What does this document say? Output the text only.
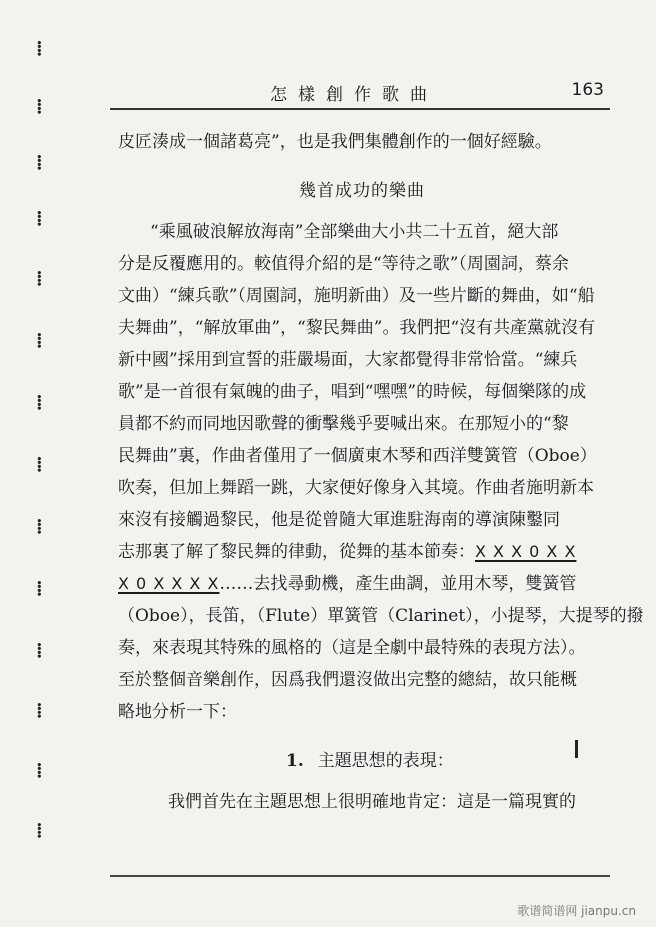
⁞
⁞
⁞
⁞
⁞
⁞
⁞
⁞
⁞
⁞
⁞
⁞
⁞
⁞
怎樣創作歌曲	163
皮匠湊成一個諸葛亮”，也是我們集體創作的一個好經驗。
幾首成功的樂曲
“乘風破浪解放海南”全部樂曲大小共二十五首，絕大部
分是反覆應用的。較值得介紹的是“等待之歌”（周園詞，蔡余
文曲）“練兵歌”（周園詞，施明新曲）及一些片斷的舞曲，如“船
夫舞曲”，“解放軍曲”，“黎民舞曲”。我們把“沒有共產黨就沒有
新中國”採用到宣誓的莊嚴場面，大家都覺得非常恰當。“練兵
歌”是一首很有氣魄的曲子，唱到“嘿嘿”的時候，每個樂隊的成
員都不約而同地因歌聲的衝擊幾乎要喊出來。在那短小的“黎
民舞曲”裏，作曲者僅用了一個廣東木琴和西洋雙簧管（Oboe）
吹奏，但加上舞蹈一跳，大家便好像身入其境。作曲者施明新本
來沒有接觸過黎民，他是從曾隨大軍進駐海南的導演陳鑿同
志那裏了解了黎民舞的律動，從舞的基本節奏：X X X 0 X X
X 0 X X X X……去找尋動機，產生曲調，並用木琴，雙簧管
（Oboe），長笛，（Flute）單簧管（Clarinet），小提琴，大提琴的撥
奏，來表現其特殊的風格的（這是全劇中最特殊的表現方法）。
至於整個音樂創作，因爲我們還沒做出完整的總結，故只能概
略地分析一下：
1. 主題思想的表現：
我們首先在主題思想上很明確地肯定：這是一篇現實的
歌谱简谱网 jianpu.cn
